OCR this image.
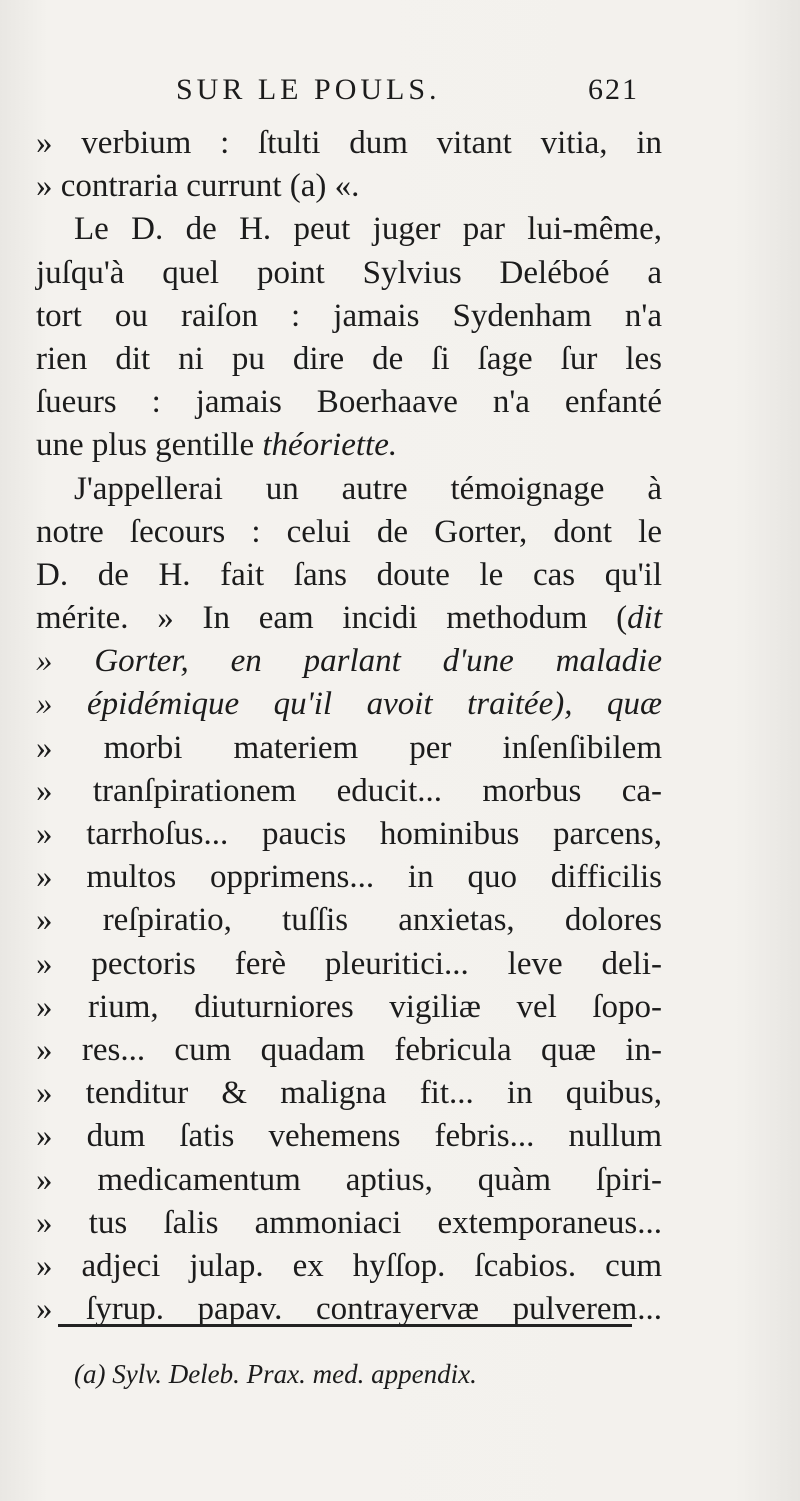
SUR LE POULS.	621
» verbium : ſtulti dum vitant vitia, in
» contraria currunt (a) «.
Le D. de H. peut juger par lui-même,
juſqu'à quel point Sylvius Deléboé a
tort ou raiſon : jamais Sydenham n'a
rien dit ni pu dire de ſi ſage ſur les
ſueurs : jamais Boerhaave n'a enfanté
une plus gentille théoriette.
J'appellerai un autre témoignage à
notre ſecours : celui de Gorter, dont le
D. de H. fait ſans doute le cas qu'il
mérite. » In eam incidi methodum (dit
» Gorter, en parlant d'une maladie
» épidémique qu'il avoit traitée), quæ
» morbi materiem per inſenſibilem
» tranſpirationem educit... morbus ca-
» tarrhoſus... paucis hominibus parcens,
» multos opprimens... in quo difficilis
» reſpiratio, tuſſis anxietas, dolores
» pectoris ferè pleuritici... leve deli-
» rium, diuturniores vigiliæ vel ſopo-
» res... cum quadam febricula quæ in-
» tenditur & maligna fit... in quibus,
» dum ſatis vehemens febris... nullum
» medicamentum aptius, quàm ſpiri-
» tus ſalis ammoniaci extemporaneus...
» adjeci julap. ex hyſſop. ſcabios. cum
» ſyrup. papav. contrayervæ pulverem...
(a) Sylv. Deleb. Prax. med. appendix.
